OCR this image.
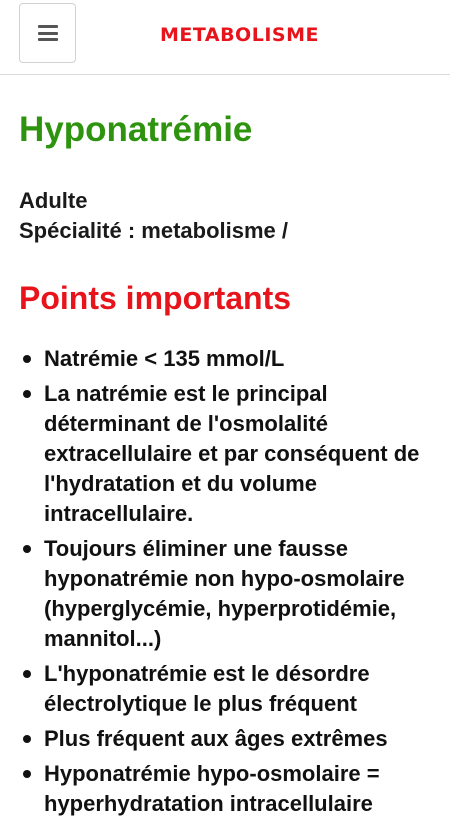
METABOLISME
Hyponatrémie
Adulte
Spécialité : metabolisme /
Points importants
Natrémie < 135 mmol/L
La natrémie est le principal déterminant de l'osmolalité extracellulaire et par conséquent de l'hydratation et du volume intracellulaire.
Toujours éliminer une fausse hyponatrémie non hypo-osmolaire (hyperglycémie, hyperprotidémie, mannitol...)
L'hyponatrémie est le désordre électrolytique le plus fréquent
Plus fréquent aux âges extrêmes
Hyponatrémie hypo-osmolaire = hyperhydratation intracellulaire
